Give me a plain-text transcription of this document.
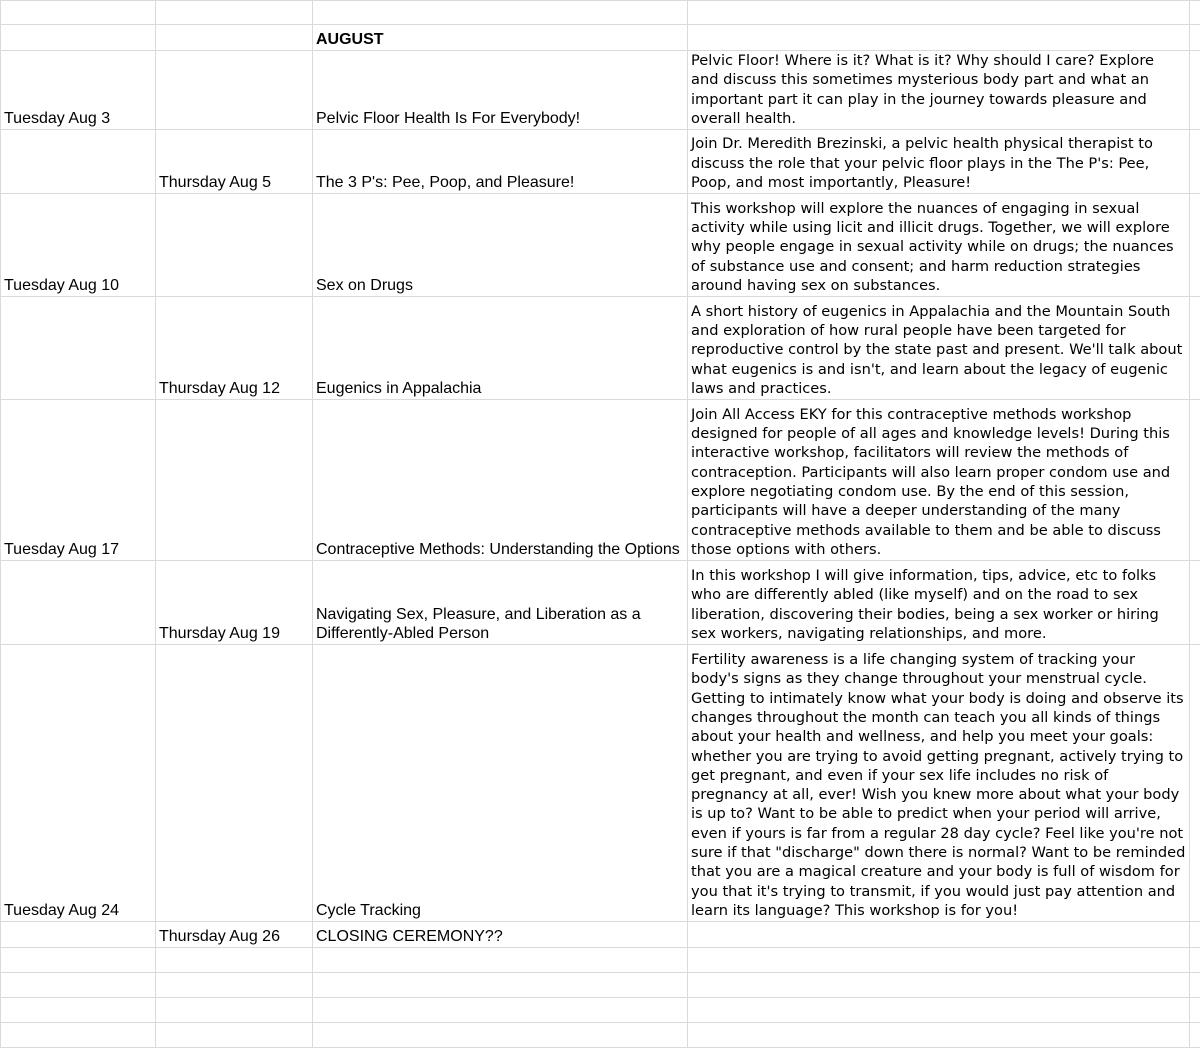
		AUGUST		
Tuesday Aug 3		Pelvic Floor Health Is For Everybody!	Pelvic Floor! Where is it? What is it? Why should I care? Explore and discuss this sometimes mysterious body part and what an important part it can play in the journey towards pleasure and overall health.	
	Thursday Aug 5	The 3 P's: Pee, Poop, and Pleasure!	Join Dr. Meredith Brezinski, a pelvic health physical therapist to discuss the role that your pelvic floor plays in the The P's: Pee, Poop, and most importantly, Pleasure!	
Tuesday Aug 10		Sex on Drugs	This workshop will explore the nuances of engaging in sexual activity while using licit and illicit drugs. Together, we will explore why people engage in sexual activity while on drugs; the nuances of substance use and consent; and harm reduction strategies around having sex on substances.	
	Thursday Aug 12	Eugenics in Appalachia	A short history of eugenics in Appalachia and the Mountain South and exploration of how rural people have been targeted for reproductive control by the state past and present. We'll talk about what eugenics is and isn't, and learn about the legacy of eugenic laws and practices.	
Tuesday Aug 17		Contraceptive Methods: Understanding the Options	Join All Access EKY for this contraceptive methods workshop designed for people of all ages and knowledge levels! During this interactive workshop, facilitators will review the methods of contraception. Participants will also learn proper condom use and explore negotiating condom use. By the end of this session, participants will have a deeper understanding of the many contraceptive methods available to them and be able to discuss those options with others.	
	Thursday Aug 19	Navigating Sex, Pleasure, and Liberation as a Differently-Abled Person	In this workshop I will give information, tips, advice, etc to folks who are differently abled (like myself) and on the road to sex liberation, discovering their bodies, being a sex worker or hiring sex workers, navigating relationships, and more.	
Tuesday Aug 24		Cycle Tracking	Fertility awareness is a life changing system of tracking your body's signs as they change throughout your menstrual cycle. Getting to intimately know what your body is doing and observe its changes throughout the month can teach you all kinds of things about your health and wellness, and help you meet your goals: whether you are trying to avoid getting pregnant, actively trying to get pregnant, and even if your sex life includes no risk of pregnancy at all, ever! Wish you knew more about what your body is up to? Want to be able to predict when your period will arrive, even if yours is far from a regular 28 day cycle? Feel like you're not sure if that "discharge" down there is normal? Want to be reminded that you are a magical creature and your body is full of wisdom for you that it's trying to transmit, if you would just pay attention and learn its language? This workshop is for you!	
	Thursday Aug 26	CLOSING CEREMONY??		
